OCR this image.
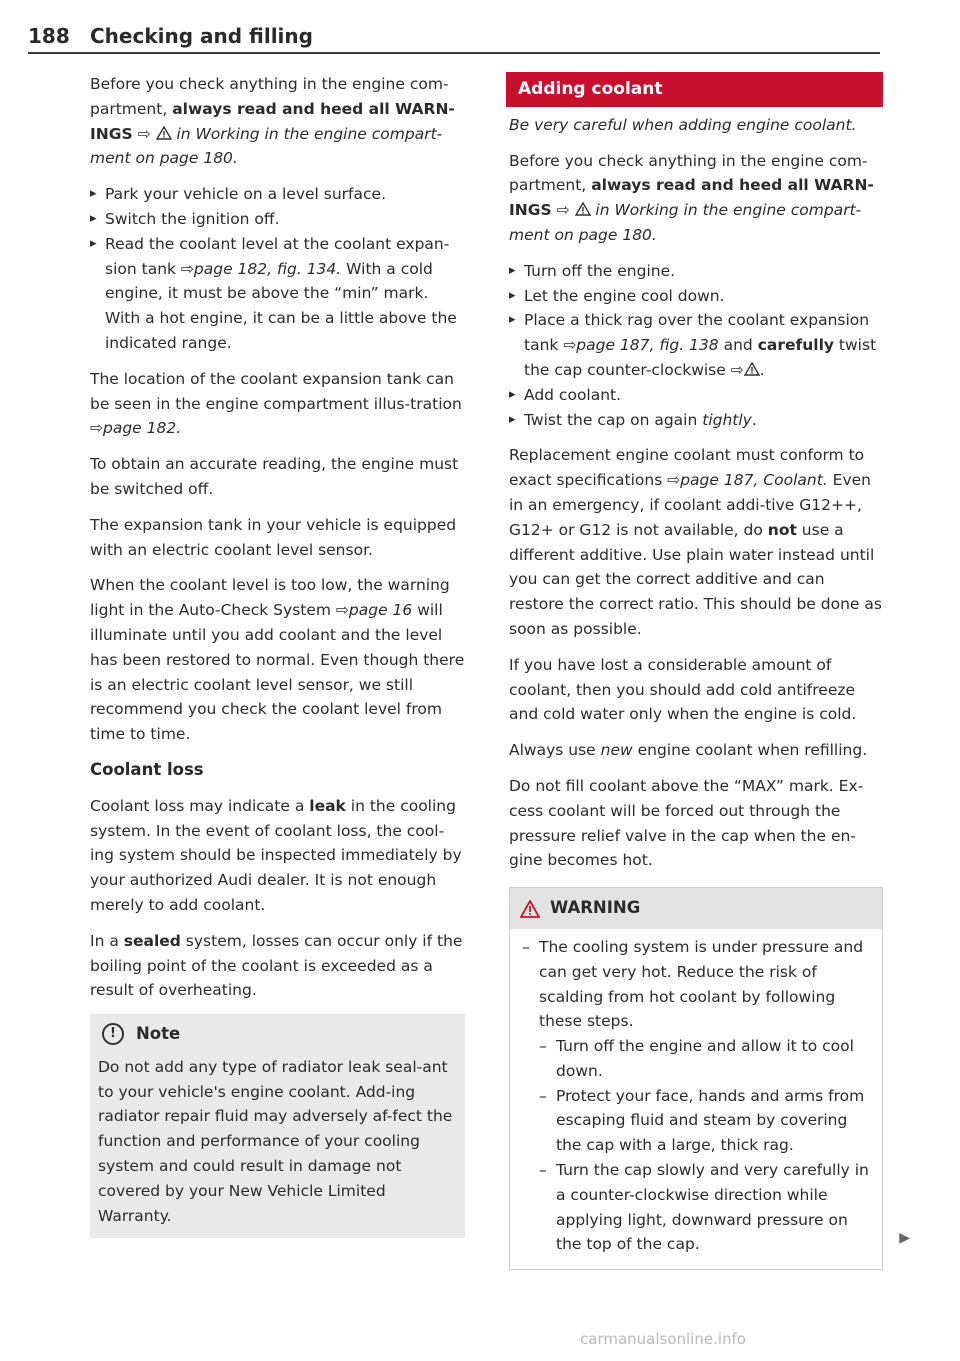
188 Checking and filling

Before you check anything in the engine com-partment, always read and heed all WARN-INGS ⇨  in Working in the engine compart-ment on page 180.

▸ Park your vehicle on a level surface.
▸ Switch the ignition off.
▸ Read the coolant level at the coolant expan-sion tank ⇨page 182, fig. 134. With a cold engine, it must be above the “min” mark. With a hot engine, it can be a little above the indicated range.

The location of the coolant expansion tank can be seen in the engine compartment illus-tration ⇨page 182.

To obtain an accurate reading, the engine must be switched off.

The expansion tank in your vehicle is equipped with an electric coolant level sensor.

When the coolant level is too low, the warning light in the Auto-Check System ⇨page 16 will illuminate until you add coolant and the level has been restored to normal. Even though there is an electric coolant level sensor, we still recommend you check the coolant level from time to time.

Coolant loss

Coolant loss may indicate a leak in the cooling system. In the event of coolant loss, the cool-ing system should be inspected immediately by your authorized Audi dealer. It is not enough merely to add coolant.

In a sealed system, losses can occur only if the boiling point of the coolant is exceeded as a result of overheating.

!	Note

Do not add any type of radiator leak seal-ant to your vehicle's engine coolant. Add-ing radiator repair fluid may adversely af-fect the function and performance of your cooling system and could result in damage not covered by your New Vehicle Limited Warranty.

Adding coolant

Be very careful when adding engine coolant.

Before you check anything in the engine com-partment, always read and heed all WARN-INGS ⇨  in Working in the engine compart-ment on page 180.

▸ Turn off the engine.
▸ Let the engine cool down.
▸ Place a thick rag over the coolant expansion tank ⇨page 187, fig. 138 and carefully twist the cap counter-clockwise ⇨ .
▸ Add coolant.
▸ Twist the cap on again tightly.

Replacement engine coolant must conform to exact specifications ⇨page 187, Coolant. Even in an emergency, if coolant addi-tive G12++, G12+ or G12 is not available, do not use a different additive. Use plain water instead until you can get the correct additive and can restore the correct ratio. This should be done as soon as possible.

If you have lost a considerable amount of coolant, then you should add cold antifreeze and cold water only when the engine is cold.

Always use new engine coolant when refilling.

Do not fill coolant above the “MAX” mark. Ex-cess coolant will be forced out through the pressure relief valve in the cap when the en-gine becomes hot.

WARNING
– The cooling system is under pressure and can get very hot. Reduce the risk of scalding from hot coolant by following these steps.
– Turn off the engine and allow it to cool down.
– Protect your face, hands and arms from escaping fluid and steam by covering the cap with a large, thick rag.
– Turn the cap slowly and very carefully in a counter-clockwise direction while applying light, downward pressure on the top of the cap.	▶
carmanualsonline.info
